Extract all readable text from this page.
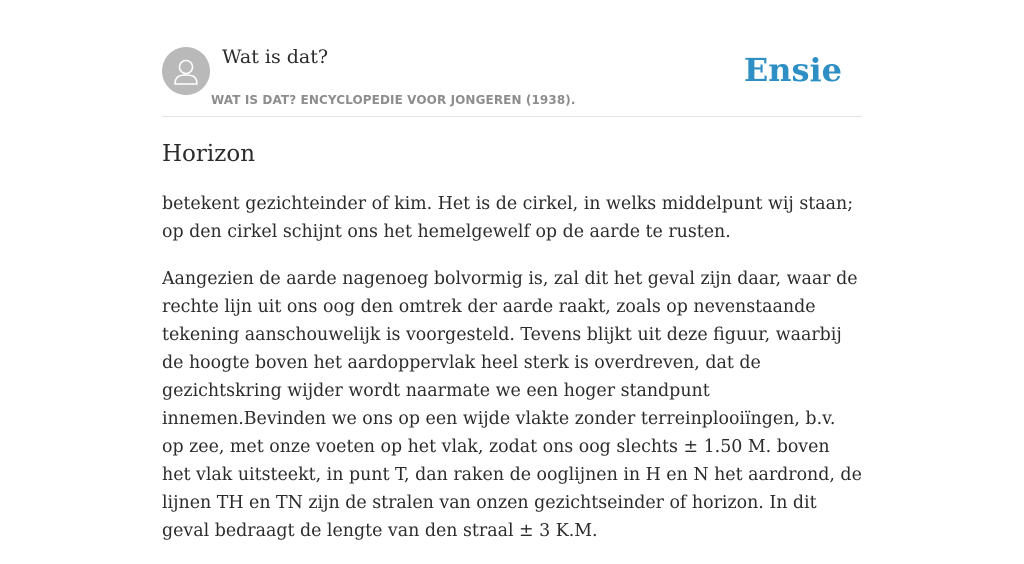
Wat is dat?
WAT IS DAT? ENCYCLOPEDIE VOOR JONGEREN (1938).
Ensie
Horizon

betekent gezichteinder of kim. Het is de cirkel, in welks middelpunt wij staan; op den cirkel schijnt ons het hemelgewelf op de aarde te rusten.

Aangezien de aarde nagenoeg bolvormig is, zal dit het geval zijn daar, waar de rechte lijn uit ons oog den omtrek der aarde raakt, zoals op nevenstaande tekening aanschouwelijk is voorgesteld. Tevens blijkt uit deze figuur, waarbij de hoogte boven het aardoppervlak heel sterk is overdreven, dat de gezichtskring wijder wordt naarmate we een hoger standpunt innemen.Bevinden we ons op een wijde vlakte zonder terreinplooiïngen, b.v. op zee, met onze voeten op het vlak, zodat ons oog slechts ± 1.50 M. boven het vlak uitsteekt, in punt T, dan raken de ooglijnen in H en N het aardrond, de lijnen TH en TN zijn de stralen van onzen gezichtseinder of horizon. In dit geval bedraagt de lengte van den straal ± 3 K.M.
